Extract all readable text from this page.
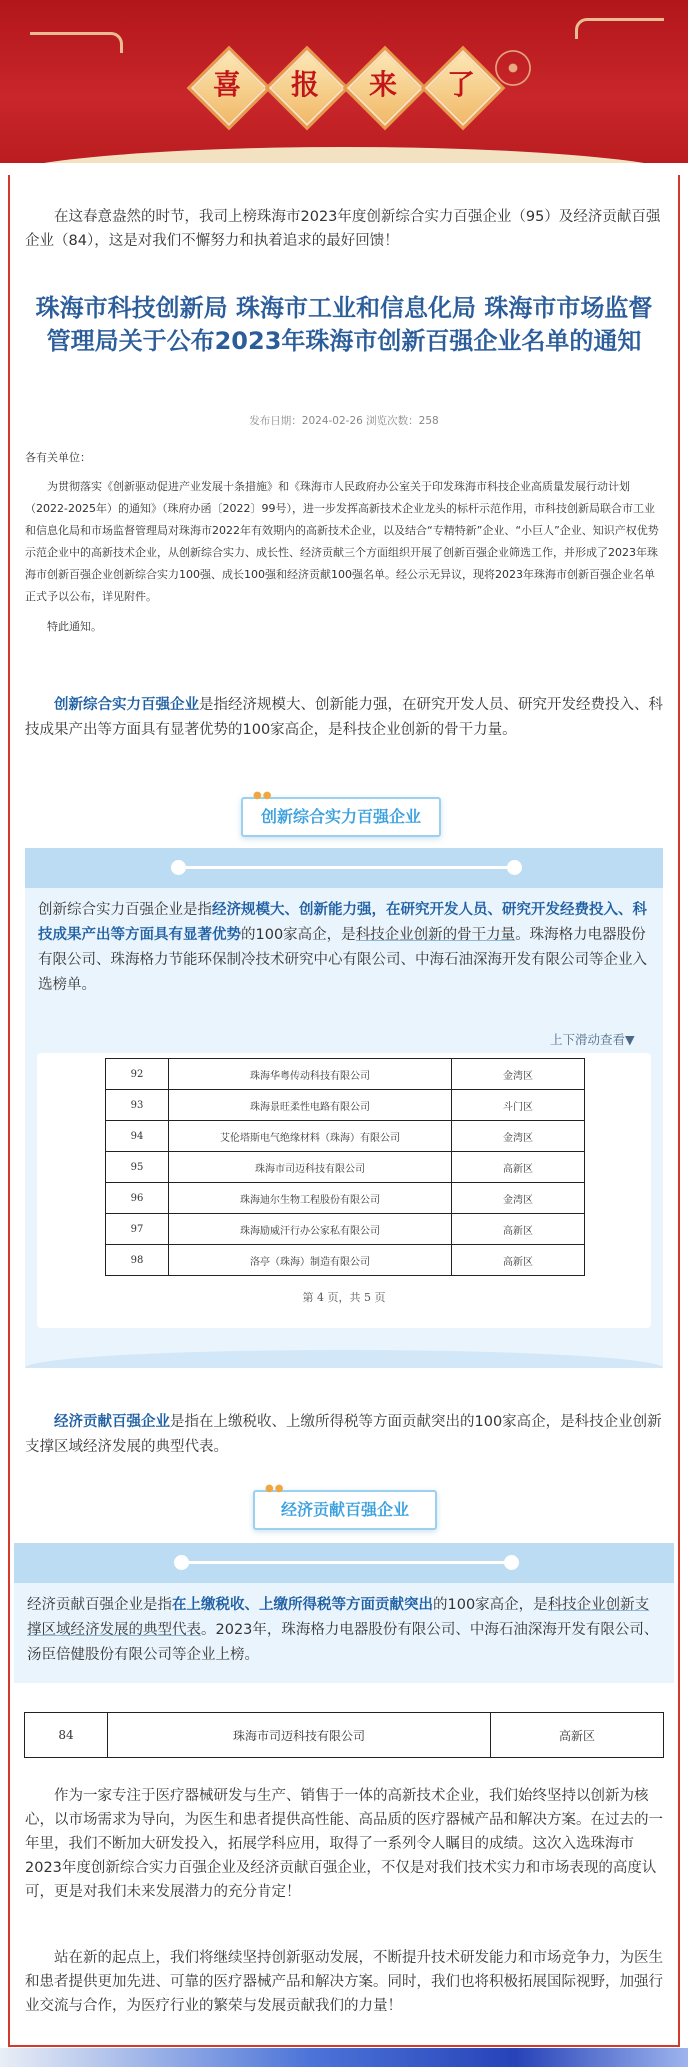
喜	报	来	了
在这春意盎然的时节，我司上榜珠海市2023年度创新综合实力百强企业（95）及经济贡献百强企业（84），这是对我们不懈努力和执着追求的最好回馈！
珠海市科技创新局 珠海市工业和信息化局 珠海市市场监督管理局关于公布2023年珠海市创新百强企业名单的通知
发布日期：2024-02-26 浏览次数：258
各有关单位：
为贯彻落实《创新驱动促进产业发展十条措施》和《珠海市人民政府办公室关于印发珠海市科技企业高质量发展行动计划（2022-2025年）的通知》（珠府办函〔2022〕99号），进一步发挥高新技术企业龙头的标杆示范作用，市科技创新局联合市工业和信息化局和市场监督管理局对珠海市2022年有效期内的高新技术企业，以及结合“专精特新”企业、“小巨人”企业、知识产权优势示范企业中的高新技术企业，从创新综合实力、成长性、经济贡献三个方面组织开展了创新百强企业筛选工作，并形成了2023年珠海市创新百强企业创新综合实力100强、成长100强和经济贡献100强名单。经公示无异议，现将2023年珠海市创新百强企业名单正式予以公布，详见附件。
特此通知。
创新综合实力百强企业是指经济规模大、创新能力强，在研究开发人员、研究开发经费投入、科技成果产出等方面具有显著优势的100家高企，是科技企业创新的骨干力量。
●●
创新综合实力百强企业
创新综合实力百强企业是指经济规模大、创新能力强，在研究开发人员、研究开发经费投入、科技成果产出等方面具有显著优势的100家高企，是科技企业创新的骨干力量。珠海格力电器股份有限公司、珠海格力节能环保制冷技术研究中心有限公司、中海石油深海开发有限公司等企业入选榜单。
上下滑动查看▼
92	珠海华粤传动科技有限公司	金湾区
93	珠海景旺柔性电路有限公司	斗门区
94	艾伦塔斯电气绝缘材料（珠海）有限公司	金湾区
95	珠海市司迈科技有限公司	高新区
96	珠海迪尔生物工程股份有限公司	金湾区
97	珠海励威汗行办公家私有限公司	高新区
98	洛亭（珠海）制造有限公司	高新区
第 4 页，共 5 页
经济贡献百强企业是指在上缴税收、上缴所得税等方面贡献突出的100家高企，是科技企业创新支撑区域经济发展的典型代表。
●●
经济贡献百强企业
经济贡献百强企业是指在上缴税收、上缴所得税等方面贡献突出的100家高企，是科技企业创新支撑区域经济发展的典型代表。2023年，珠海格力电器股份有限公司、中海石油深海开发有限公司、汤臣倍健股份有限公司等企业上榜。
84	珠海市司迈科技有限公司	高新区
作为一家专注于医疗器械研发与生产、销售于一体的高新技术企业，我们始终坚持以创新为核心，以市场需求为导向，为医生和患者提供高性能、高品质的医疗器械产品和解决方案。在过去的一年里，我们不断加大研发投入，拓展学科应用，取得了一系列令人瞩目的成绩。这次入选珠海市2023年度创新综合实力百强企业及经济贡献百强企业，不仅是对我们技术实力和市场表现的高度认可，更是对我们未来发展潜力的充分肯定！
站在新的起点上，我们将继续坚持创新驱动发展，不断提升技术研发能力和市场竞争力，为医生和患者提供更加先进、可靠的医疗器械产品和解决方案。同时，我们也将积极拓展国际视野，加强行业交流与合作，为医疗行业的繁荣与发展贡献我们的力量！
